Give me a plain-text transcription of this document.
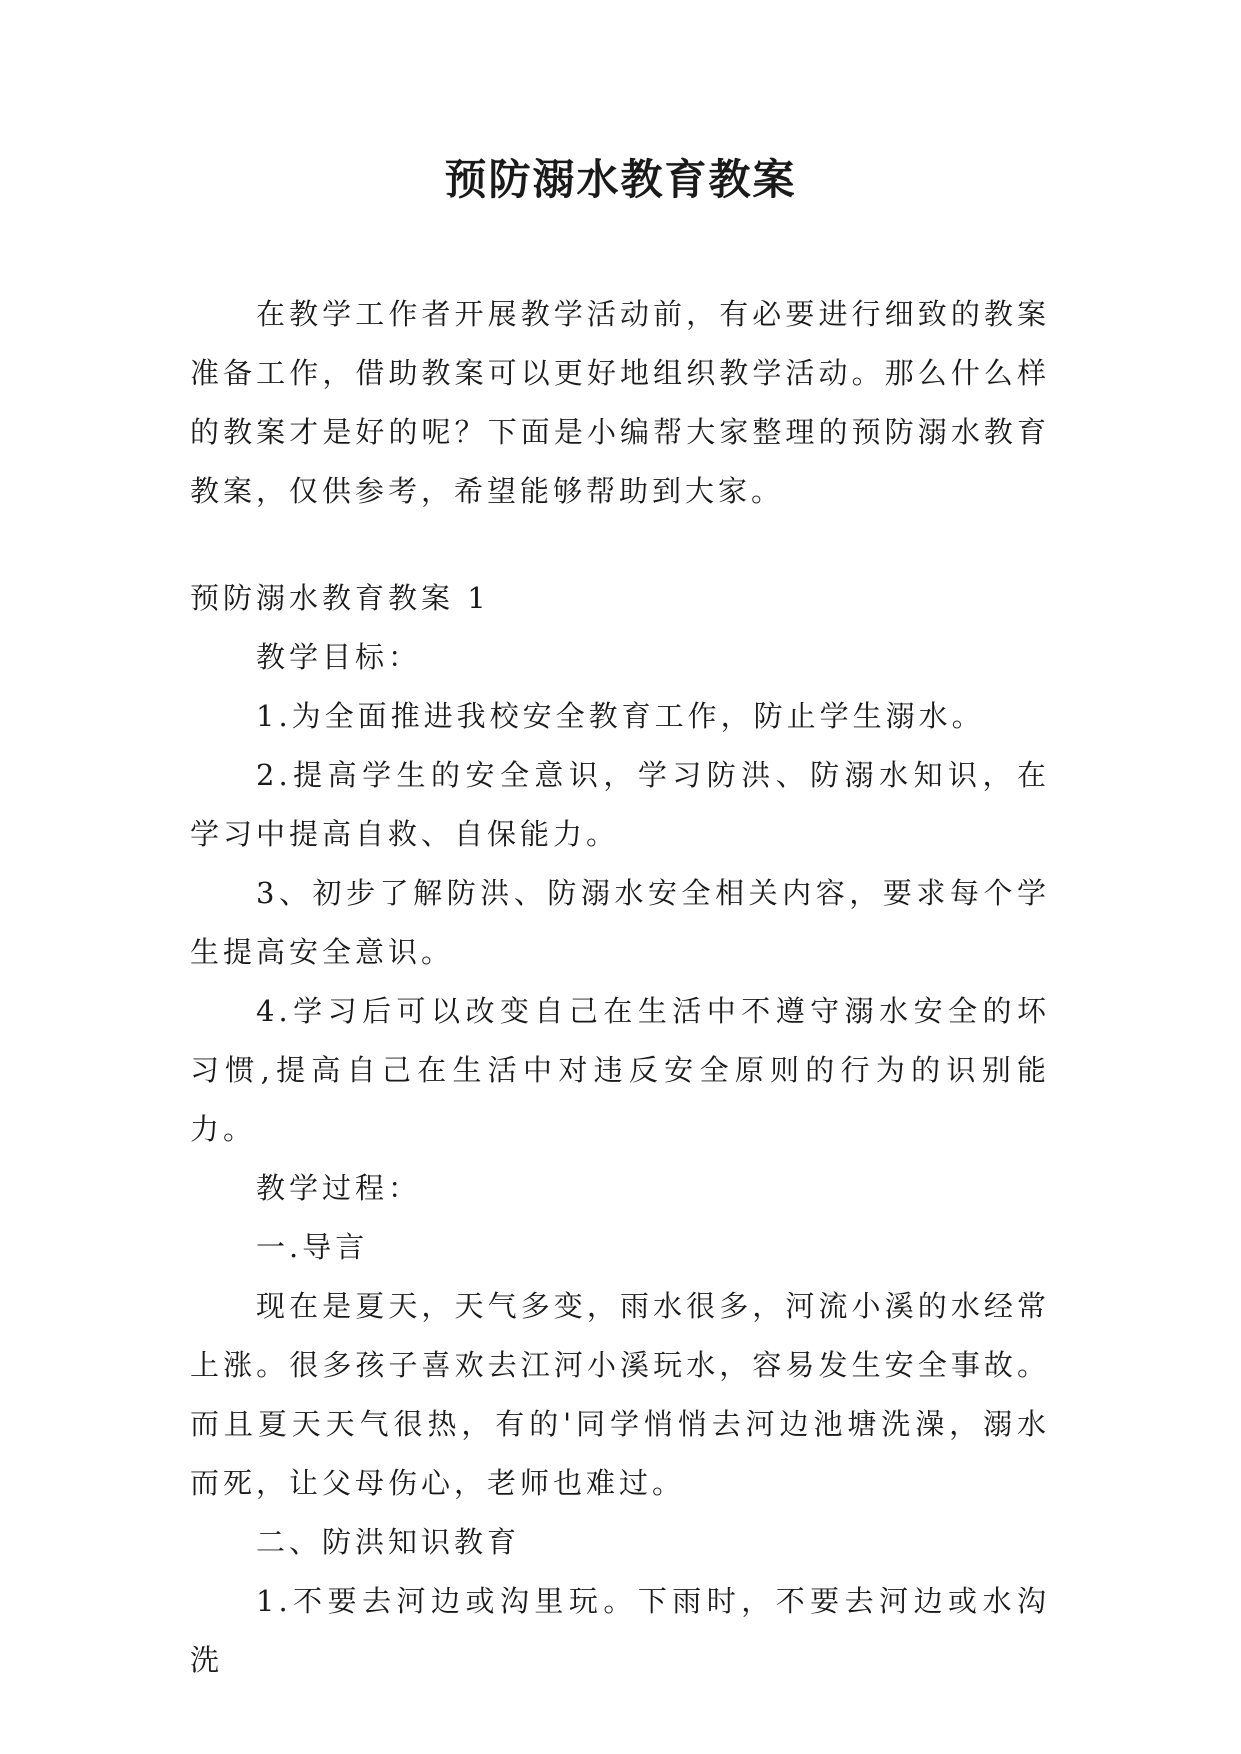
预防溺水教育教案

在教学工作者开展教学活动前，有必要进行细致的教案准备工作，借助教案可以更好地组织教学活动。那么什么样的教案才是好的呢？下面是小编帮大家整理的预防溺水教育教案，仅供参考，希望能够帮助到大家。

预防溺水教育教案 1

教学目标：

1.为全面推进我校安全教育工作，防止学生溺水。

2.提高学生的安全意识，学习防洪、防溺水知识，在学习中提高自救、自保能力。

3、初步了解防洪、防溺水安全相关内容，要求每个学生提高安全意识。

4.学习后可以改变自己在生活中不遵守溺水安全的坏习惯,提高自己在生活中对违反安全原则的行为的识别能力。

教学过程：

一.导言

现在是夏天，天气多变，雨水很多，河流小溪的水经常上涨。很多孩子喜欢去江河小溪玩水，容易发生安全事故。而且夏天天气很热，有的'同学悄悄去河边池塘洗澡，溺水而死，让父母伤心，老师也难过。

二、防洪知识教育

1.不要去河边或沟里玩。下雨时，不要去河边或水沟洗
